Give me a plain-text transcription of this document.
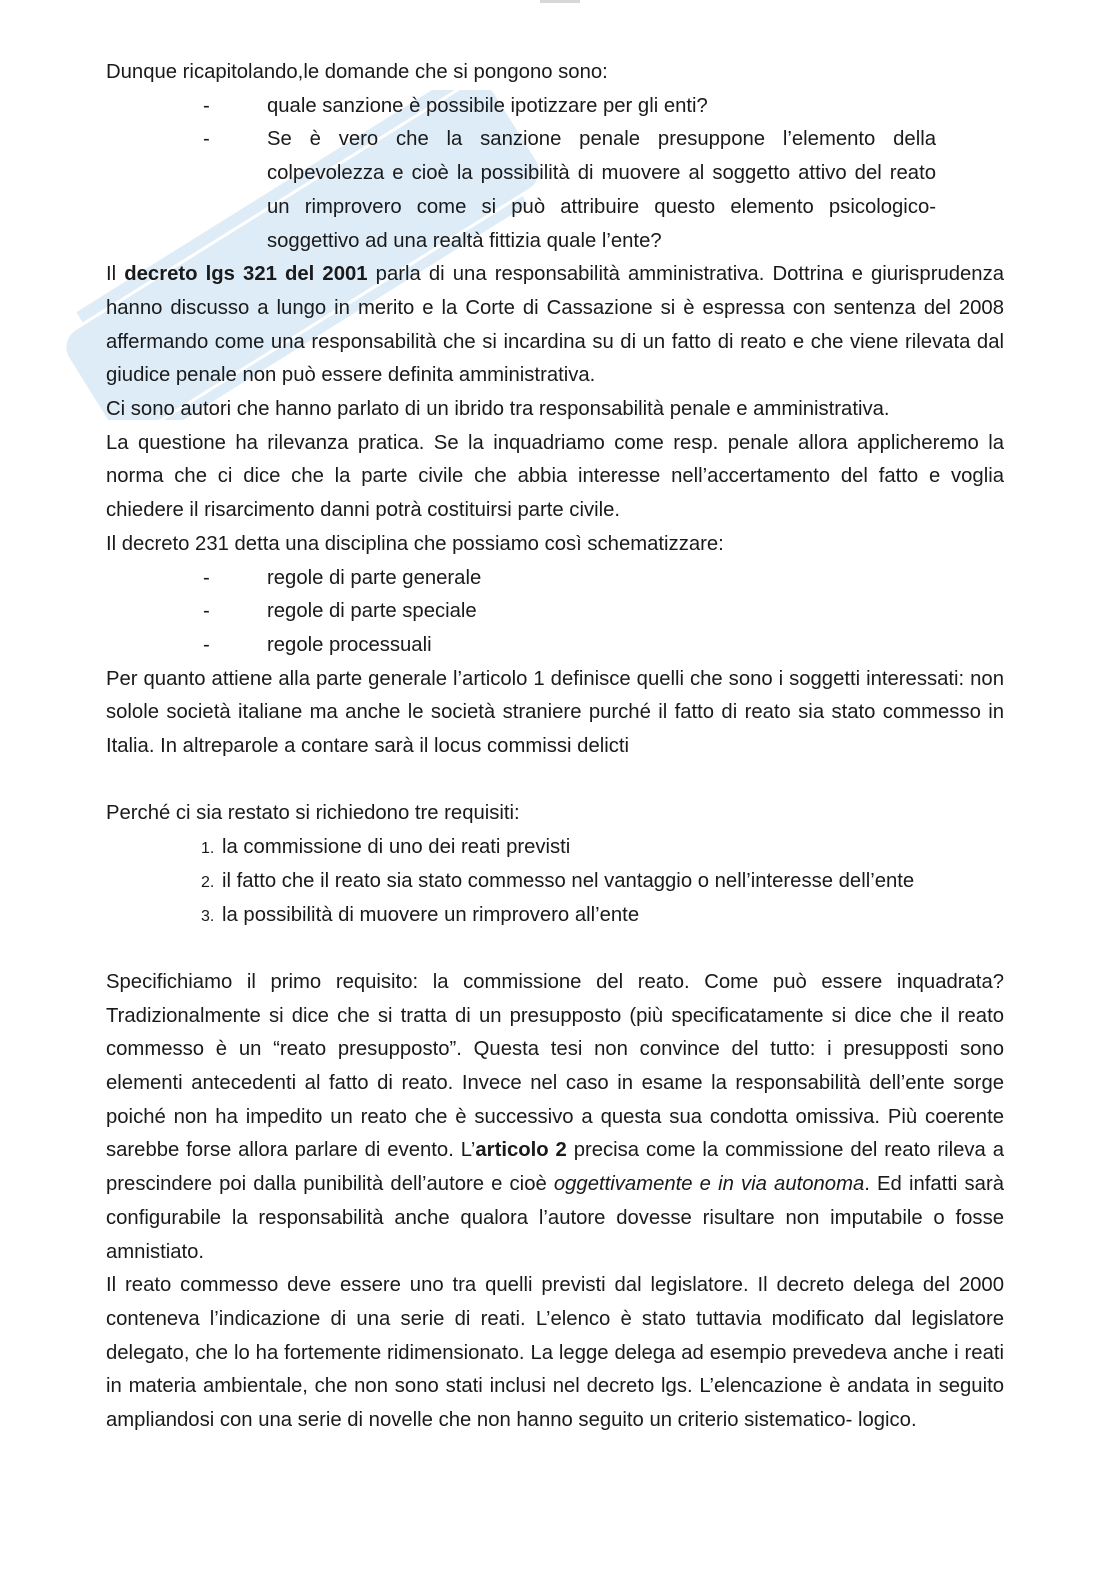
Dunque ricapitolando,le domande che si pongono sono:

-	quale sanzione è possibile ipotizzare per gli enti?

-	Se è vero che la sanzione penale presuppone l’elemento della colpevolezza e cioè la possibilità di muovere al soggetto attivo del reato un rimprovero come si può attribuire questo elemento psicologico- soggettivo ad una realtà fittizia quale l’ente?

Il decreto lgs 321 del 2001 parla di una responsabilità amministrativa. Dottrina e giurisprudenza hanno discusso a lungo in merito e la Corte di Cassazione si è espressa con sentenza del 2008 affermando come una responsabilità che si incardina su di un fatto di reato e che viene rilevata dal giudice penale non può essere definita amministrativa.

Ci sono autori che hanno parlato di un ibrido tra responsabilità penale e amministrativa.

La questione ha rilevanza pratica. Se la inquadriamo come resp. penale allora applicheremo la norma che ci dice che la parte civile che abbia interesse nell’accertamento del fatto e voglia chiedere il risarcimento danni potrà costituirsi parte civile.

Il decreto 231 detta una disciplina che possiamo così schematizzare:

-	regole di parte generale

-	regole di parte speciale

-	regole processuali

Per quanto attiene alla parte generale l’articolo 1 definisce quelli che sono i soggetti interessati: non solole società italiane ma anche le società straniere purché il fatto di reato sia stato commesso in Italia. In altreparole a contare sarà il locus commissi delicti

Perché ci sia restato si richiedono tre requisiti:

1. la commissione di uno dei reati previsti

2. il fatto che il reato sia stato commesso nel vantaggio o nell’interesse dell’ente

3. la possibilità di muovere un rimprovero all’ente

Specifichiamo il primo requisito: la commissione del reato. Come può essere inquadrata? Tradizionalmente si dice che si tratta di un presupposto (più specificatamente si dice che il reato commesso è un “reato presupposto”. Questa tesi non convince del tutto: i presupposti sono elementi antecedenti al fatto di reato. Invece nel caso in esame la responsabilità dell’ente sorge poiché non ha impedito un reato che è successivo a questa sua condotta omissiva. Più coerente sarebbe forse allora parlare di evento. L’articolo 2 precisa come la commissione del reato rileva a prescindere poi dalla punibilità dell’autore e cioè oggettivamente e in via autonoma. Ed infatti sarà configurabile la responsabilità anche qualora l’autore dovesse risultare non imputabile o fosse amnistiato.

Il reato commesso deve essere uno tra quelli previsti dal legislatore. Il decreto delega del 2000 conteneva l’indicazione di una serie di reati. L’elenco è stato tuttavia modificato dal legislatore delegato, che lo ha fortemente ridimensionato. La legge delega ad esempio prevedeva anche i reati in materia ambientale, che non sono stati inclusi nel decreto lgs. L’elencazione è andata in seguito ampliandosi con una serie di novelle che non hanno seguito un criterio sistematico- logico.
